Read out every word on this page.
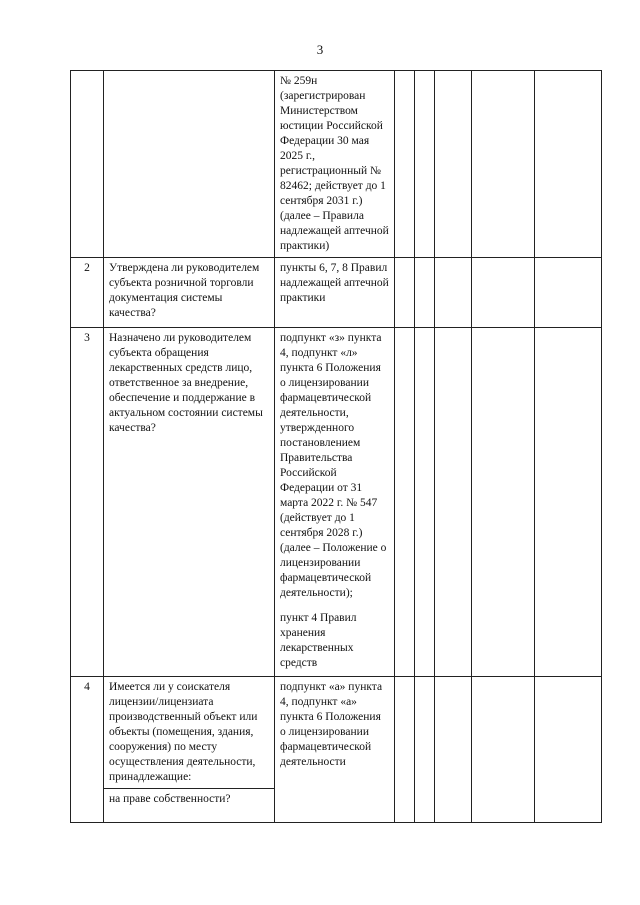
3

		№ 259н (зарегистрирован Министерством юстиции Российской Федерации 30 мая 2025 г., регистрационный № 82462; действует до 1 сентября 2031 г.) (далее – Правила надлежащей аптечной практики)					

2	Утверждена ли руководителем субъекта розничной торговли документация системы качества?	пункты 6, 7, 8 Правил надлежащей аптечной практики					

3	Назначено ли руководителем субъекта обращения лекарственных средств лицо, ответственное за внедрение, обеспечение и поддержание в актуальном состоянии системы качества?	подпункт «з» пункта 4, подпункт «л» пункта 6 Положения о лицензировании фармацевтической деятельности, утвержденного постановлением Правительства Российской Федерации от 31 марта 2022 г. № 547 (действует до 1 сентября 2028 г.) (далее – Положение о лицензировании фармацевтической деятельности);
пункт 4 Правил хранения лекарственных средств					

4	Имеется ли у соискателя лицензии/лицензиата производственный объект или объекты (помещения, здания, сооружения) по месту осуществления деятельности, принадлежащие:	подпункт «а» пункта 4, подпункт «а» пункта 6 Положения о лицензировании фармацевтической деятельности					

	на праве собственности?						
